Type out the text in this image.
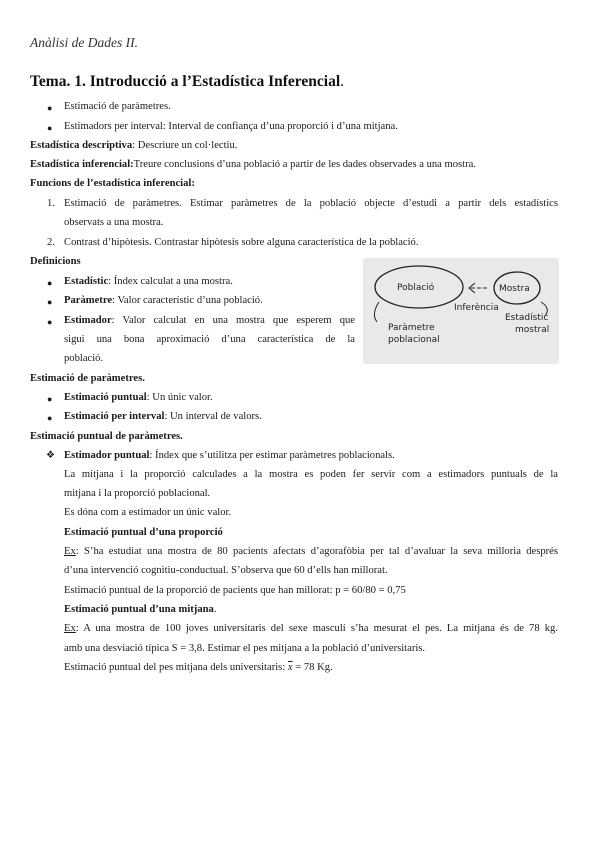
Anàlisi de Dades II.
Tema. 1. Introducció a l’Estadística Inferencial.
● Estimació de paràmetres.
● Estimadors per interval: Interval de confiança d’una proporció i d’una mitjana.
Estadística descriptiva: Descriure un col·lectiu.
Estadística inferencial:Treure conclusions d’una població a partir de les dades observades a una mostra.
Funcions de l’estadística inferencial:
1. Estimació de paràmetres. Estimar paràmetres de la població objecte d’estudi a partir dels estadístics
observats a una mostra.
2. Contrast d’hipòtesis. Contrastar hipòtesis sobre alguna característica de la població.
Definicions
● Estadístic: Índex calculat a una mostra.
● Paràmetre: Valor característic d’una població.
● Estimador: Valor calculat en una mostra que esperem que
sigui una bona aproximació d’una característica de la
població.
Població	Mostra
Inferència
Paràmetre
poblacional
Estadístic
mostral
Estimació de paràmetres.
● Estimació puntual: Un únic valor.
● Estimació per interval: Un interval de valors.
Estimació puntual de paràmetres.
❖ Estimador puntual: Índex que s’utilitza per estimar paràmetres poblacionals.
La mitjana i la proporció calculades a la mostra es poden fer servir com a estimadors puntuals de la
mitjana i la proporció poblacional.
Es dóna com a estimador un únic valor.
Estimació puntual d’una proporció
Ex: S’ha estudiat una mostra de 80 pacients afectats d’agorafòbia per tal d’avaluar la seva milloria després
d’una intervenció cognitiu-conductual. S’observa que 60 d’ells han millorat.
Estimació puntual de la proporció de pacients que han millorat: p = 60/80 = 0,75
Estimació puntual d’una mitjana.
Ex: A una mostra de 100 joves universitaris del sexe masculí s’ha mesurat el pes. La mitjana és de 78 kg.
amb una desviació típica S = 3,8. Estimar el pes mitjana a la població d’universitaris.
Estimació puntual del pes mitjana dels universitaris: $\overline{x} = 78$ Kg.
